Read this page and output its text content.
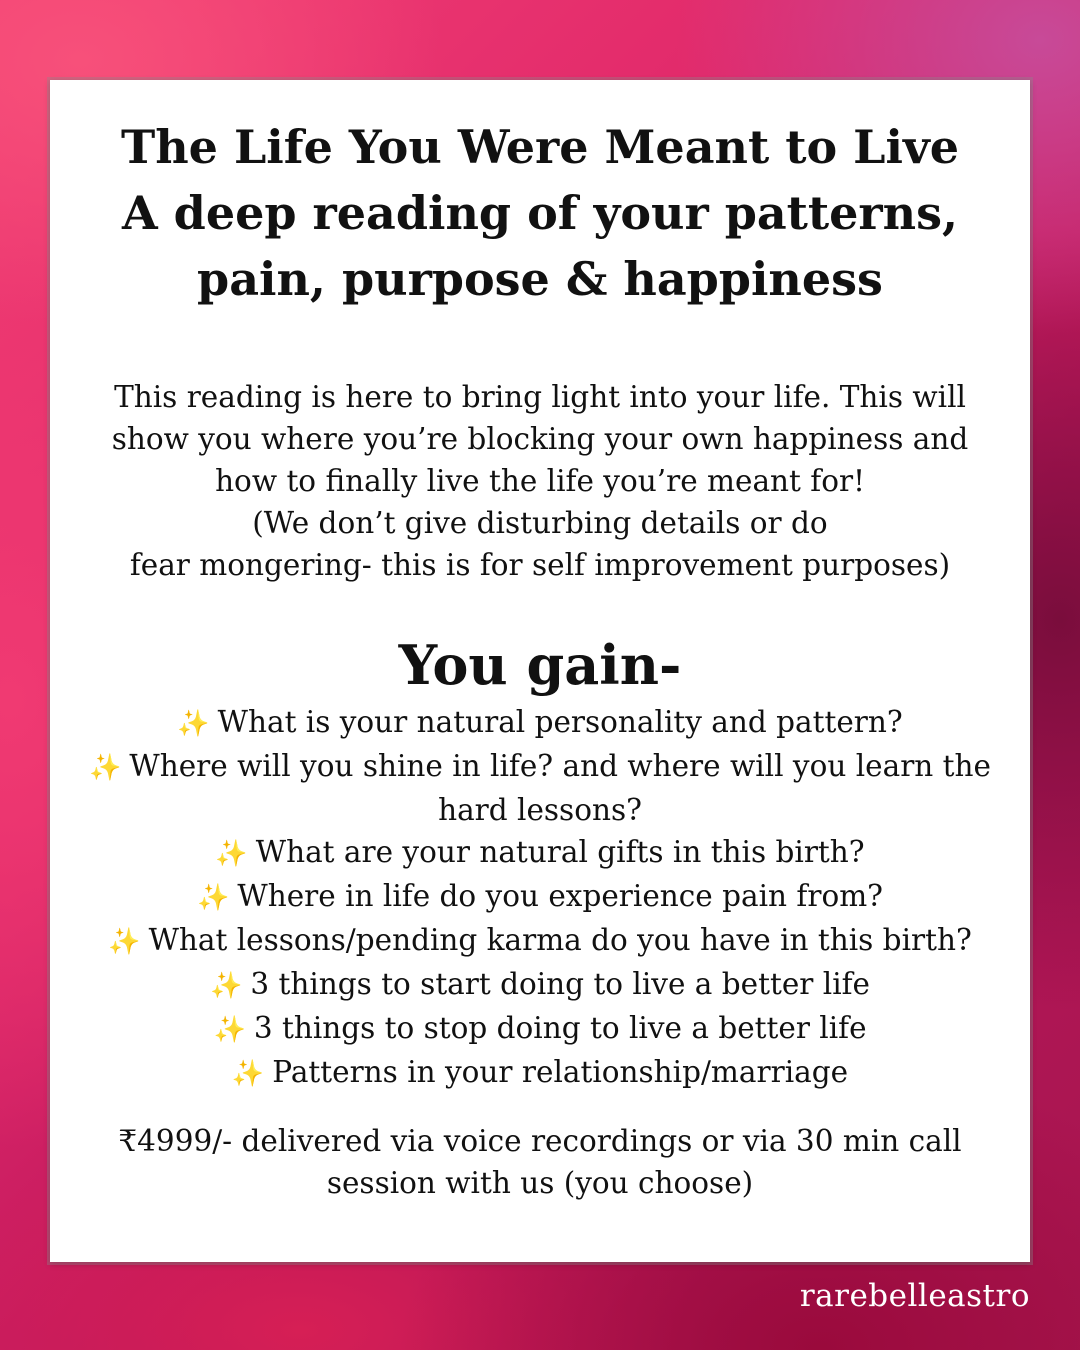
The Life You Were Meant to Live
A deep reading of your patterns,
pain, purpose & happiness

This reading is here to bring light into your life. This will
show you where you’re blocking your own happiness and
how to finally live the life you’re meant for!
(We don’t give disturbing details or do
fear mongering- this is for self improvement purposes)

You gain-
✨ What is your natural personality and pattern?
✨ Where will you shine in life? and where will you learn the hard lessons?
✨ What are your natural gifts in this birth?
✨ Where in life do you experience pain from?
✨ What lessons/pending karma do you have in this birth?
✨ 3 things to start doing to live a better life
✨ 3 things to stop doing to live a better life
✨ Patterns in your relationship/marriage

₹4999/- delivered via voice recordings or via 30 min call
session with us (you choose)

rarebelleastro
